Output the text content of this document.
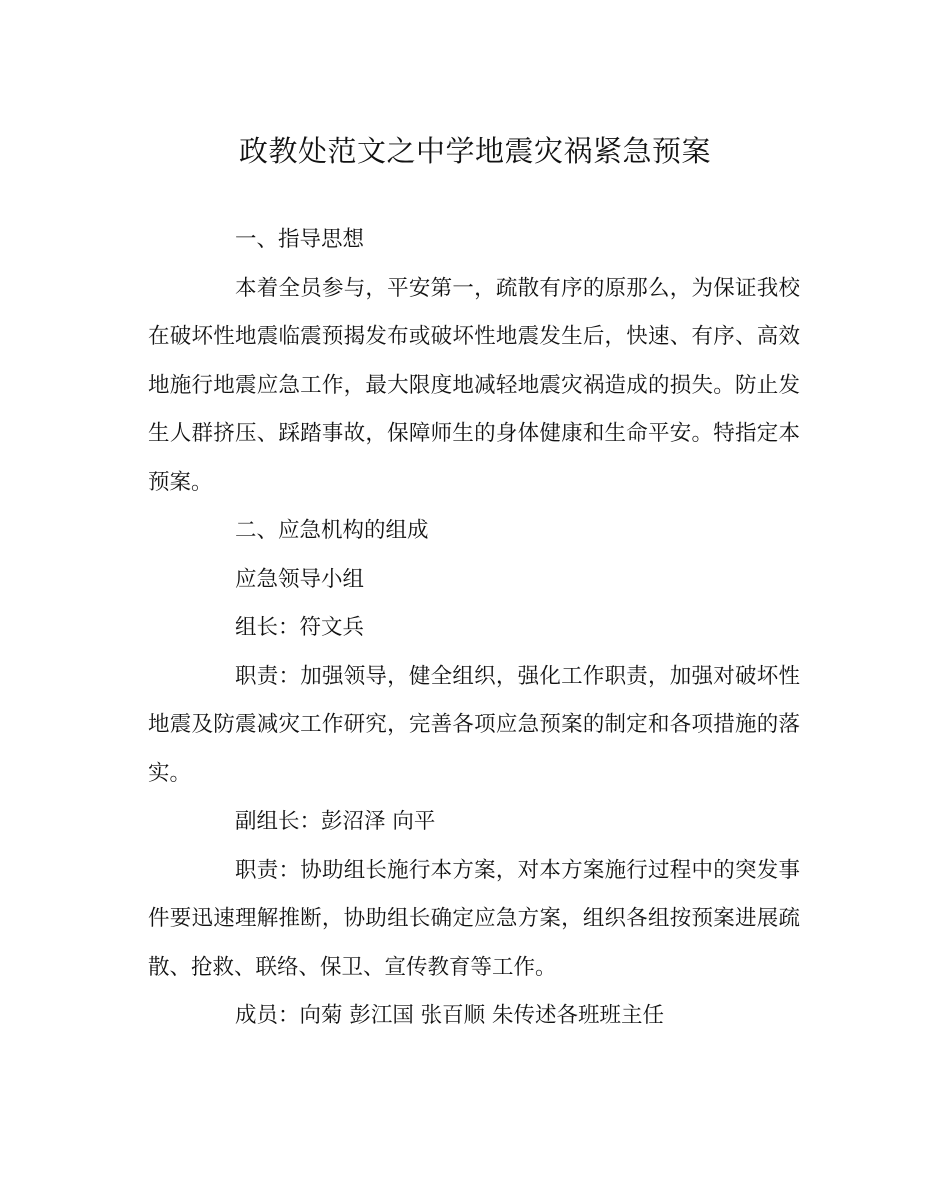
政教处范文之中学地震灾祸紧急预案

一、指导思想

本着全员参与，平安第一，疏散有序的原那么，为保证我校在破坏性地震临震预揭发布或破坏性地震发生后，快速、有序、高效地施行地震应急工作，最大限度地减轻地震灾祸造成的损失。防止发生人群挤压、踩踏事故，保障师生的身体健康和生命平安。特指定本预案。

二、应急机构的组成

应急领导小组

组长：符文兵

职责：加强领导，健全组织，强化工作职责，加强对破坏性地震及防震减灾工作研究，完善各项应急预案的制定和各项措施的落实。

副组长：彭沼泽 向平

职责：协助组长施行本方案，对本方案施行过程中的突发事件要迅速理解推断，协助组长确定应急方案，组织各组按预案进展疏散、抢救、联络、保卫、宣传教育等工作。

成员：向菊 彭江国 张百顺 朱传述各班班主任
